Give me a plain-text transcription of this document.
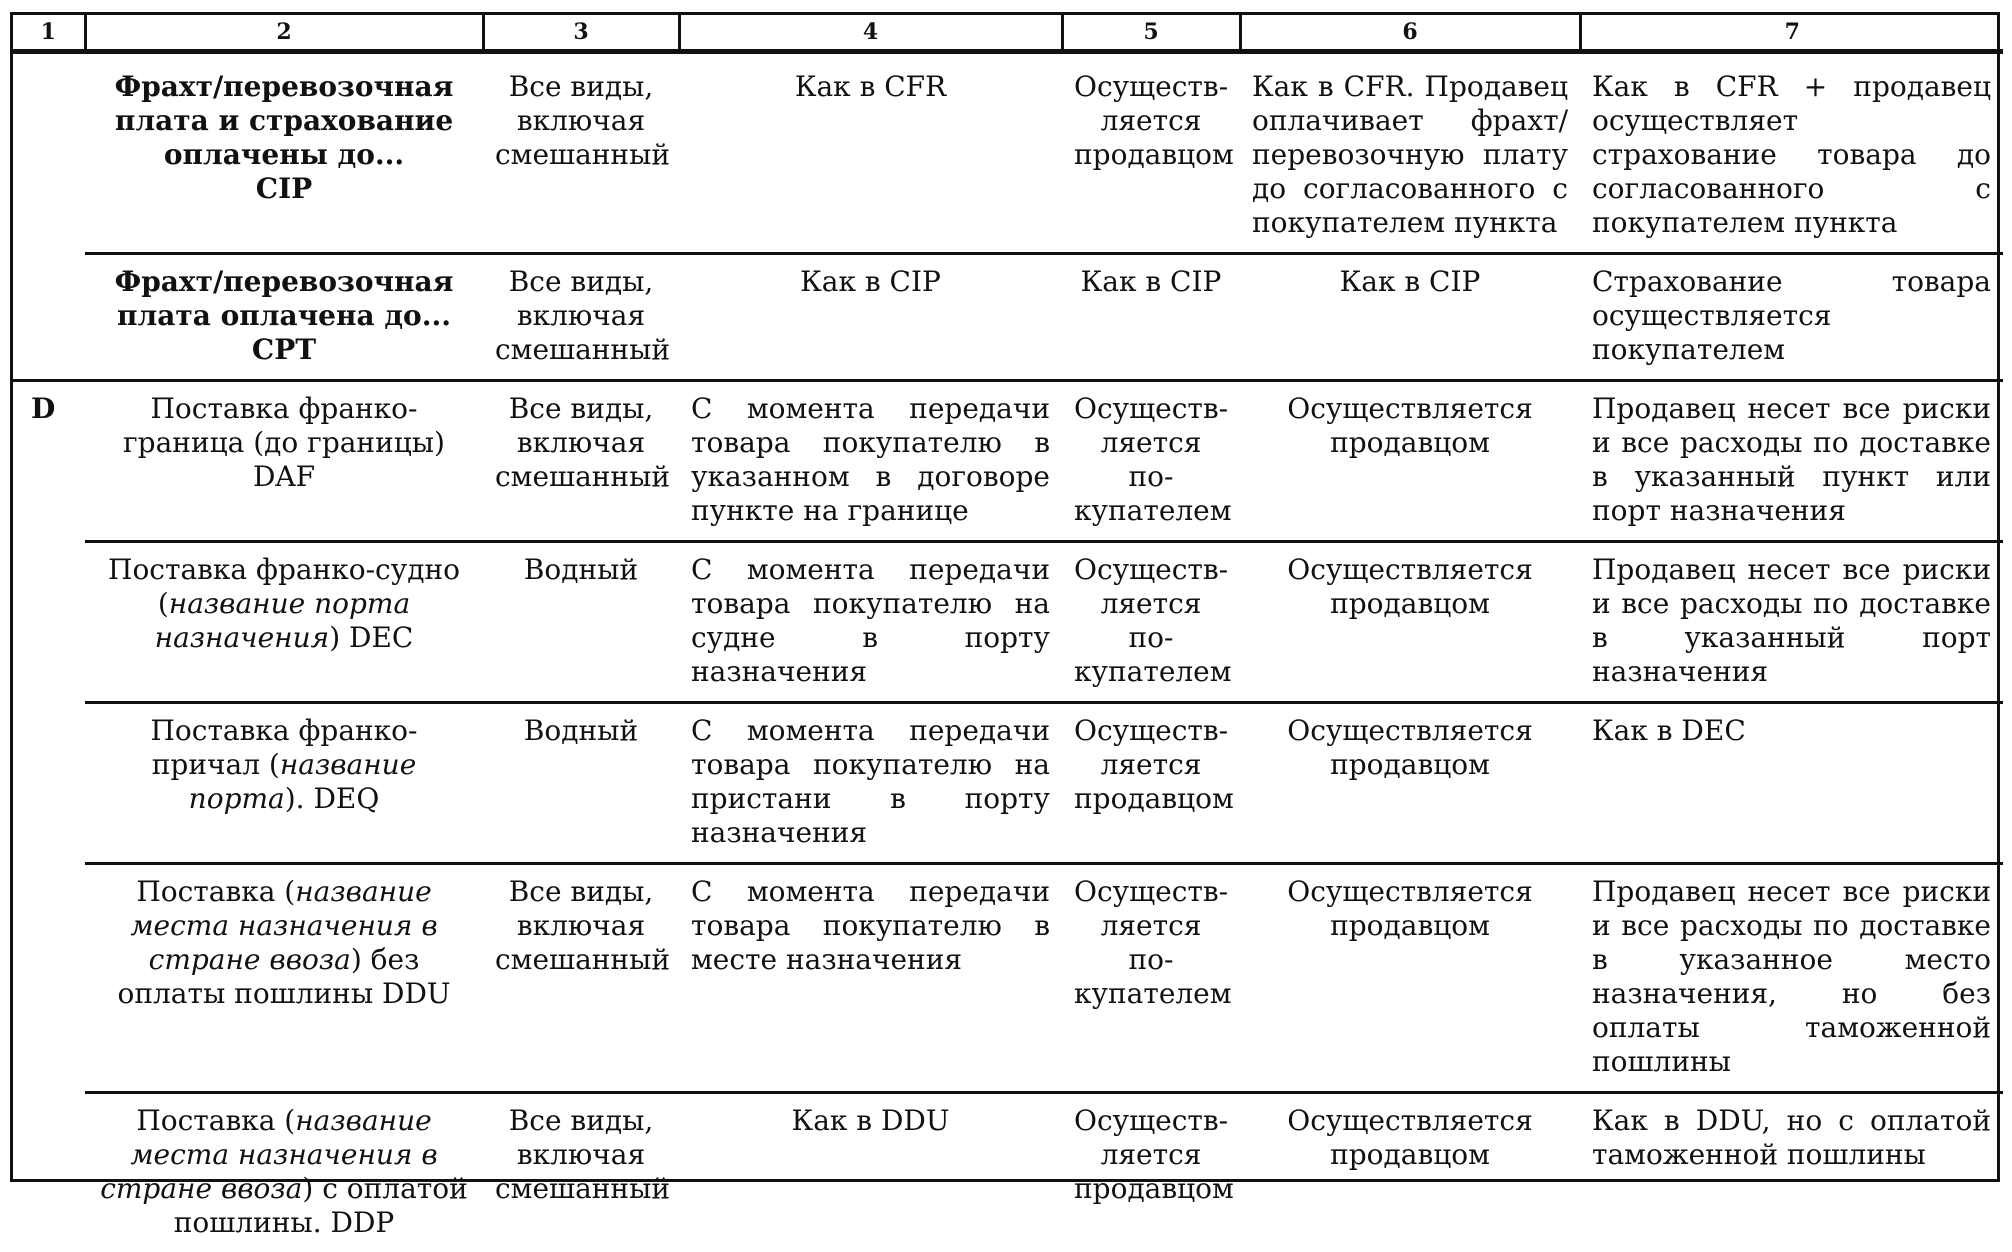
1	2	3	4	5	6	7

	Фрахт/перевозочная
плата и страхование
оплачены до...
CIP	Все виды, включая смешанный	Как в CFR	Осуществ-ляется продавцом	Как в CFR. Продавец оплачивает фрахт/перевозочную плату до согласованного с покупателем пункта	Как в CFR + продавец осуществляет страхование товара до согласованного с покупателем пункта

	Фрахт/перевозочная
плата оплачена до...
CPT	Все виды, включая смешанный	Как в CIP	Как в CIP	Как в CIP	Страхование товара осуществляется покупателем
D	Поставка франко-
граница (до границы)
DAF	Все виды, включая смешанный	С момента передачи товара покупателю в указанном в договоре пункте на границе	Осуществ-ляется по-купателем	Осуществляется продавцом	Продавец несет все риски и все расходы по доставке в указанный пункт или порт назначения
	Поставка франко-судно (название порта назначения) DEC	Водный	С момента передачи товара покупателю на судне в порту назначения	Осуществ-ляется по-купателем	Осуществляется продавцом	Продавец несет все риски и все расходы по доставке в указанный порт назначения
	Поставка франко-причал (название порта). DEQ	Водный	С момента передачи товара покупателю на пристани в порту назначения	Осуществ-ляется продавцом	Осуществляется продавцом	Как в DEC
	Поставка (название места назначения в стране ввоза) без оплаты пошлины DDU	Все виды, включая смешанный	С момента передачи товара покупателю в месте назначения	Осуществ-ляется по-купателем	Осуществляется продавцом	Продавец несет все риски и все расходы по доставке в указанное место назначения, но без оплаты таможенной пошлины
	Поставка (название места назначения в стране ввоза) с оплатой пошлины. DDP	Все виды, включая смешанный	Как в DDU	Осуществ-ляется продавцом	Осуществляется продавцом	Как в DDU, но с оплатой таможенной пошлины
